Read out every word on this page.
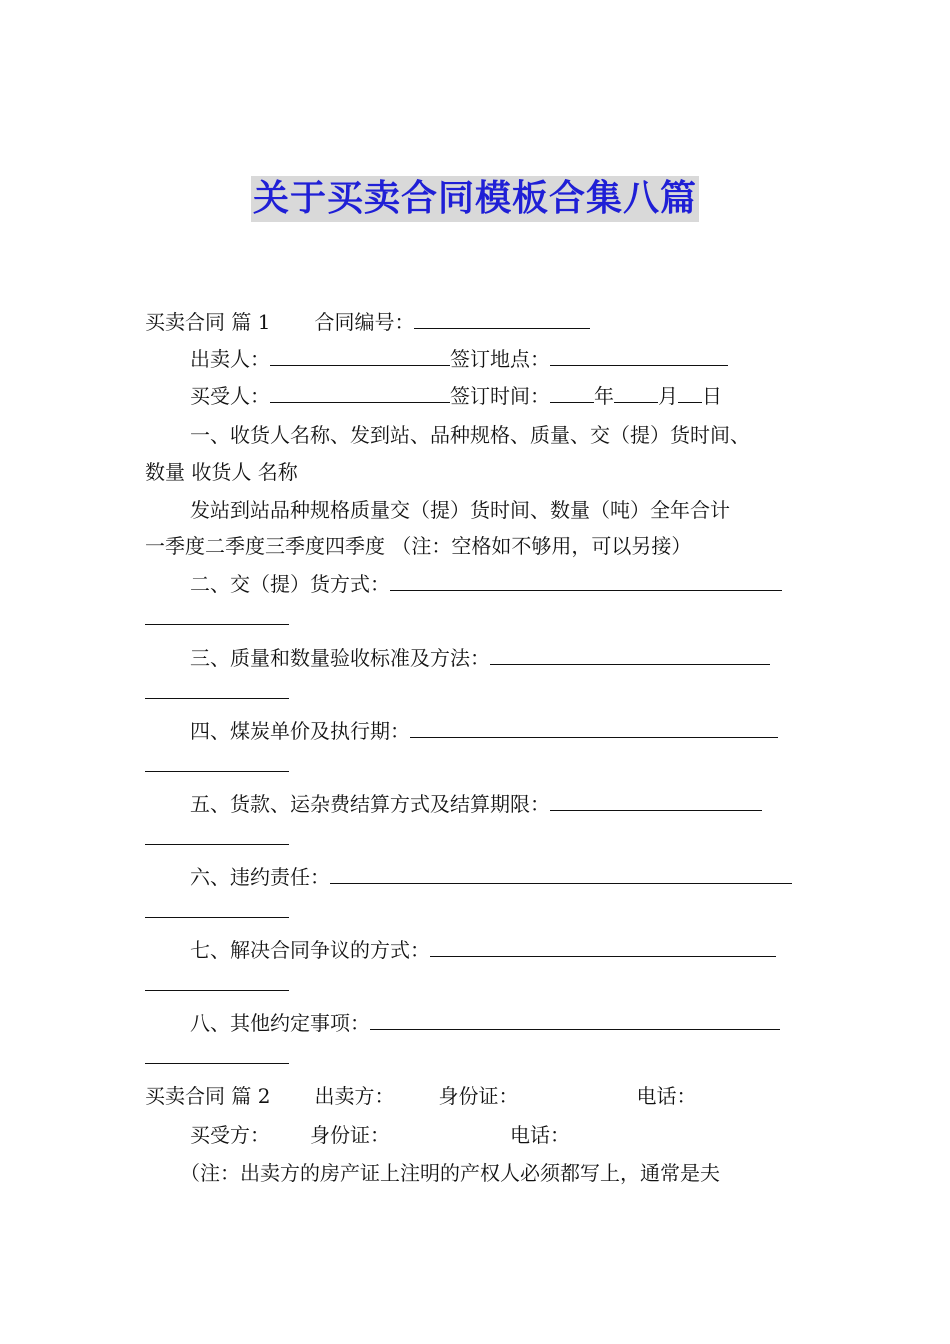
关于买卖合同模板合集八篇
买卖合同 篇 1 合同编号：
出卖人：	签订地点：
买受人：	签订时间： 年 月 日
一、收货人名称、发到站、品种规格、质量、交（提）货时间、
数量 收货人 名称
发站到站品种规格质量交（提）货时间、数量（吨）全年合计
一季度二季度三季度四季度 （注：空格如不够用，可以另接）
二、交（提）货方式：
三、质量和数量验收标准及方法：
四、煤炭单价及执行期：
五、货款、运杂费结算方式及结算期限：
六、违约责任：
七、解决合同争议的方式：
八、其他约定事项：
买卖合同 篇 2 出卖方： 身份证：	电话：
买受方： 身份证：	电话：
（注：出卖方的房产证上注明的产权人必须都写上，通常是夫
